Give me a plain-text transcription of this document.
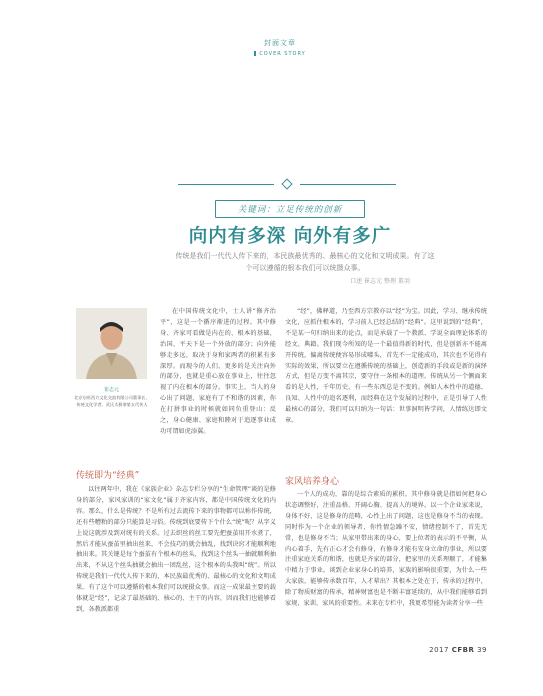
封面文章
COVER STORY
关键词：立足传统的创新
向内有多深 向外有多广
传统是我们一代代人传下来的，本民族最优秀的、最核心的文化和文明成果。有了这个可以遵循的根本我们可以统摄众事。
口述 崔志元 整理 董羽
崔志元
北京启旺西方文化交流有限公司董事长、传统文化学者、武氏太极拳第五代传人

在中国传统文化中，士人讲“修齐治平”，这是一个循序渐进的过程。其中修身、齐家可看做是内在的、根本的基础，治国、平天下是一个外放的部分；向外能够走多远，取决于身和家两者的积累有多深厚。而现今的人们，更多的是关注向外的部分，也就是重心放在事业上，往往忽视了内在根本的部分。事实上，当人的身心出了问题，家庭有了不和谐的因素，你在打拼事业的时候就如同负重登山：反之，身心健康、家庭和睦对于追逐事业成功可谓如虎添翼。

传统即为“经典”

以往两年中，我在《家族企业》杂志专栏分享的“生命管理”谈的是修身的部分，家风家训的“家文化”属于齐家内容，都是中国传统文化的内容。那么，什么是传统？不是所有过去流传下来的事物都可以称作传统，还有些糟粕的部分只能算是习俗。传统到底要传下个什么“统”呢？从字义上说这就涉及到对统有的关系。过去织丝的丝工要先把蚕茧用开水煮了，然后才能从蚕茧里抽出丝来，不会技巧的就会抽乱，找到诀窍才能顺利地抽出来。其关键是每个蚕茧有个根本的丝头，找到这个丝头一抽就顺利抽出来，不从这个丝头抽就会抽出一团乱丝，这个根本的头我叫“统”。所以传统是我们一代代人传下来的，本民族最优秀的、最核心的文化和文明成果。有了这个可以遵循的根本我们可以统摄众事。而这一成果最主要的载体就是“经”，记录了最基础的、核心的、主干的内容，因而我们也能够看到，各教派都重

“经”，佛释道，乃至西方宗教亦以“经”为宝。因此，学习、继承传统文化，应抓住根本的，学习前人已经总结的“经典”。这里说到的“经典”，不是某一句归纳出来的论点，而是承载了一个教派、学说全面理论体系的经文、典籍。我们现今所知的是一个最值得新的时代，但是创新亦不能离开传统，偏离传统便容易形成噱头，首先不一定能成功，其次也不见得有实际的效果，所以要立在遵循传统的基础上，创造新的手段或是新的演绎方式，但是万变不离其宗，要守住一条根本的道理。传统从另一个侧面来看的是人性，千年历史，有一些东西总是不变的。例如人本性中的道德、良知、人性中的追名逐利，而经典在这个发展的过程中，正是引导了人性最核心的部分，我们可以归纳为一句话：世事洞明皆学问，人情练达即文章。

家风培养身心

一个人的成功，靠的是综合素质的累积。其中修身就是指如何把身心状态调整好，注重品格、开阔心胸、提高人的境界。以一个企业家来说，身体不好，这是修身的范畴，心性上出了问题，这也是修身不当的表现。同时作为一个企业的领导者，你性情急躁不安，情绪控制不了，首先无常，也是修身不当；从家里带出来的身心，要上位者的表示的不平衡，从内心着手，先有正心才会有修身，有修身才能有安身立命的事业，所以要注重家庭关系的和谐，也就是齐家的部分，把家里的关系理顺了，才能集中精力于事业。谈到企业家身心的培养，家族的影响很重要，为什么一些大家族，能够传承数百年，人才辈出？其根本之处在于，传承的过程中，除了物质财富的传承，精神财富也是不断丰富延续的，从中我们能够看到家规、家训、家风的重要性。未来在专栏中，我更希望能为读者分享一些

2017 CFBR 39
